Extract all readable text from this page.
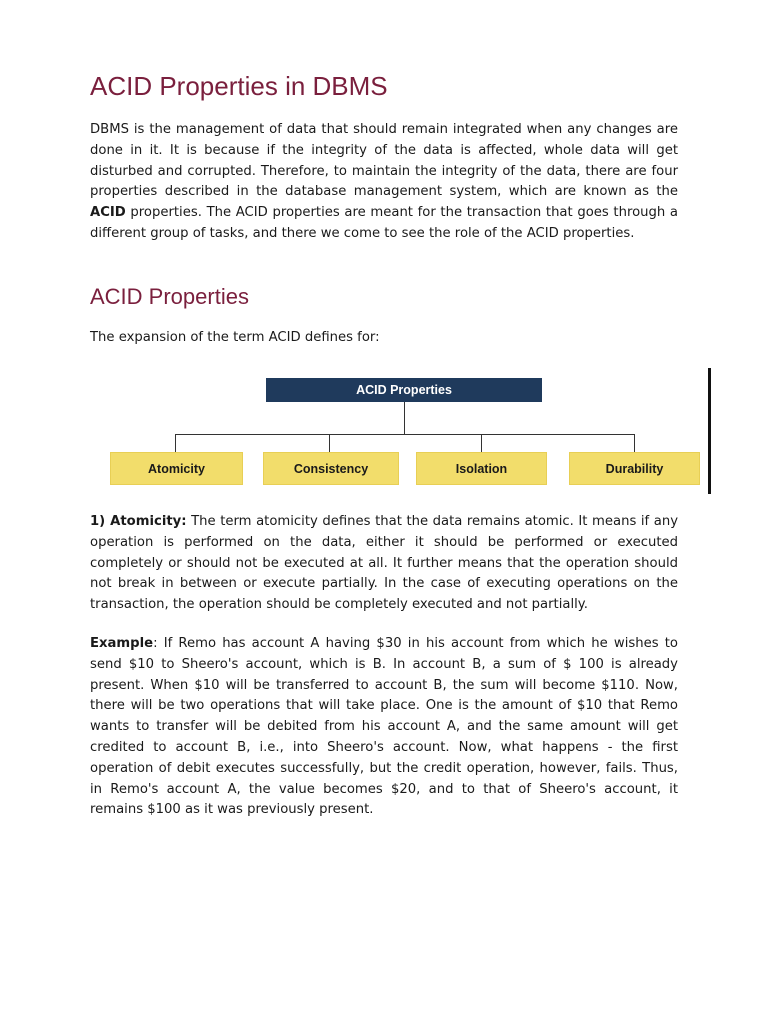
ACID Properties in DBMS

DBMS is the management of data that should remain integrated when any changes are done in it. It is because if the integrity of the data is affected, whole data will get disturbed and corrupted. Therefore, to maintain the integrity of the data, there are four properties described in the database management system, which are known as the ACID properties. The ACID properties are meant for the transaction that goes through a different group of tasks, and there we come to see the role of the ACID properties.

ACID Properties

The expansion of the term ACID defines for:

ACID Properties
Atomicity	Consistency	Isolation	Durability

1) Atomicity: The term atomicity defines that the data remains atomic. It means if any operation is performed on the data, either it should be performed or executed completely or should not be executed at all. It further means that the operation should not break in between or execute partially. In the case of executing operations on the transaction, the operation should be completely executed and not partially.

Example: If Remo has account A having $30 in his account from which he wishes to send $10 to Sheero's account, which is B. In account B, a sum of $ 100 is already present. When $10 will be transferred to account B, the sum will become $110. Now, there will be two operations that will take place. One is the amount of $10 that Remo wants to transfer will be debited from his account A, and the same amount will get credited to account B, i.e., into Sheero's account. Now, what happens - the first operation of debit executes successfully, but the credit operation, however, fails. Thus, in Remo's account A, the value becomes $20, and to that of Sheero's account, it remains $100 as it was previously present.
